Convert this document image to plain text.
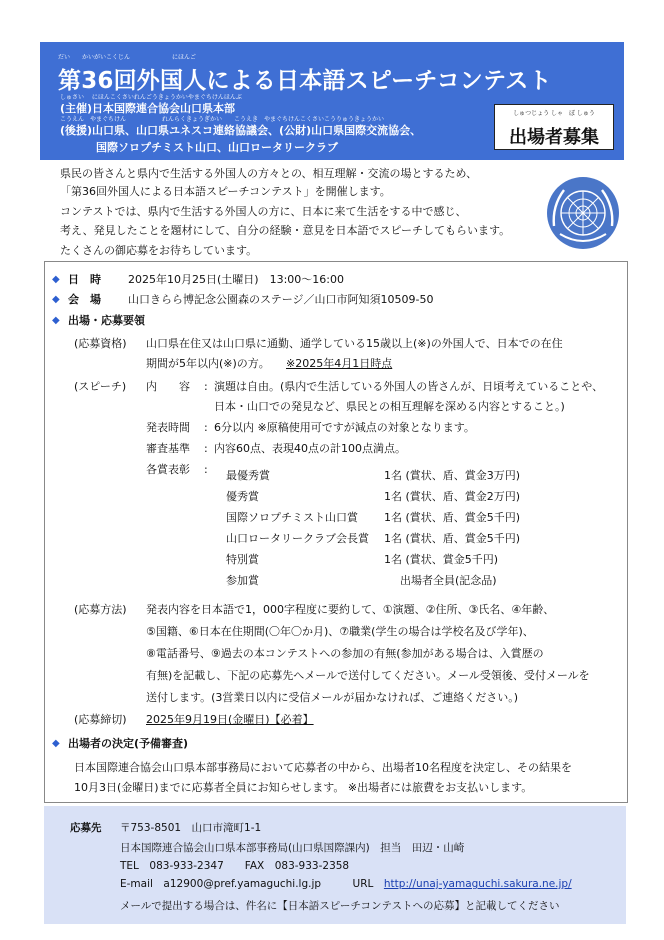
だい　　かいがいこくじん　　　　　　　にほんご
第36回外国人による日本語スピーチコンテスト
しゅさい　 にほんこくさいれんごうきょうかいやまぐちけんほんぶ
(主催)日本国際連合協会山口県本部
こうえん　やまぐちけん　　　　　　れんらくきょうぎかい　　こうえき　やまぐちけんこくさいこうりゅうきょうかい
(後援)山口県、山口県ユネスコ連絡協議会、(公財)山口県国際交流協会、
国際ソロプチミスト山口、山口ロータリークラブ
しゅつじょう しゃ　ぼ しゅう
出場者募集
県民の皆さんと県内で生活する外国人の方々との、相互理解・交流の場とするため、
「第36回外国人による日本語スピーチコンテスト」を開催します。
コンテストでは、県内で生活する外国人の方に、日本に来て生活をする中で感じ、
考え、発見したことを題材にして、自分の経験・意見を日本語でスピーチしてもらいます。
たくさんの御応募をお待ちしています。
◆ 日　時 2025年10月25日(土曜日)　13:00～16:00
◆ 会　場 山口きらら博記念公園森のステージ／山口市阿知須10509-50
◆ 出場・応募要領
(応募資格) 山口県在住又は山口県に通勤、通学している15歳以上(※)の外国人で、日本での在住
期間が5年以内(※)の方。 ※2025年4月1日時点
(スピーチ) 内　　容 : 演題は自由。(県内で生活している外国人の皆さんが、日頃考えていることや、
日本・山口での発見など、県民との相互理解を深める内容とすること。)
発表時間 : 6分以内 ※原稿使用可ですが減点の対象となります。
審査基準 : 内容60点、表現40点の計100点満点。
各賞表彰 : 最優秀賞	1名 (賞状、盾、賞金3万円)
優秀賞	1名 (賞状、盾、賞金2万円)
国際ソロプチミスト山口賞 1名 (賞状、盾、賞金5千円)
山口ロータリークラブ会長賞 1名 (賞状、盾、賞金5千円)
特別賞	1名 (賞状、賞金5千円)
参加賞	出場者全員(記念品)
(応募方法) 発表内容を日本語で1，000字程度に要約して、①演題、②住所、③氏名、④年齢、
⑤国籍、⑥日本在住期間(〇年〇か月)、⑦職業(学生の場合は学校名及び学年)、
⑧電話番号、⑨過去の本コンテストへの参加の有無(参加がある場合は、入賞歴の
有無)を記載し、下記の応募先へメールで送付してください。メール受領後、受付メールを
送付します。(3営業日以内に受信メールが届かなければ、ご連絡ください。)
(応募締切) 2025年9月19日(金曜日)【必着】
◆ 出場者の決定(予備審査)
日本国際連合協会山口県本部事務局において応募者の中から、出場者10名程度を決定し、その結果を
10月3日(金曜日)までに応募者全員にお知らせします。 ※出場者には旅費をお支払いします。
応募先 〒753-8501　山口市滝町1-1
日本国際連合協会山口県本部事務局(山口県国際課内)　担当　田辺・山崎
TEL　083-933-2347　　FAX　083-933-2358
E-mail　a12900@pref.yamaguchi.lg.jp　　　URL　http://unaj-yamaguchi.sakura.ne.jp/
メールで提出する場合は、件名に【日本語スピーチコンテストへの応募】と記載してください
